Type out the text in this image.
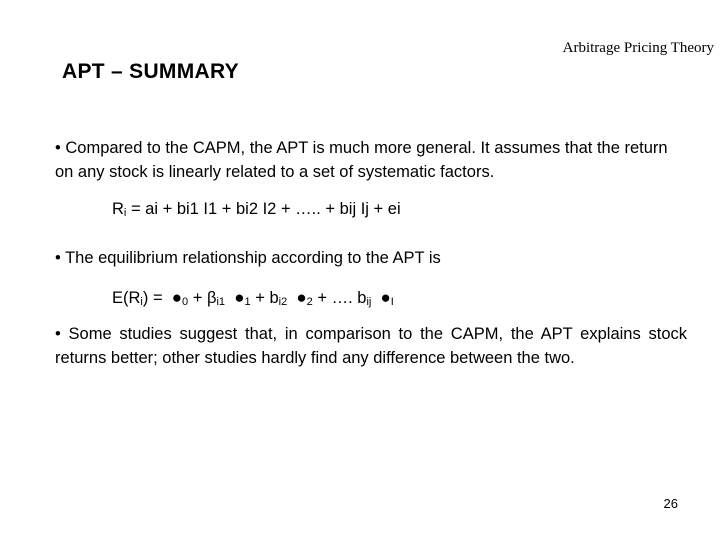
Arbitrage Pricing Theory
APT – SUMMARY
• Compared to the CAPM, the APT is much more general. It assumes that the return on any stock is linearly related to a set of systematic factors.
$R_i$ = ai + bi1 I1 + bi2 I2 + ….. + bij Ij + ei
• The equilibrium relationship according to the APT is
$E(R_i)$ = $●_0 + \beta_{i1}$ $●_1 + b_{i2}$ $●_2$ + …. $b_{ij}$ $●_I$
• Some studies suggest that, in comparison to the CAPM, the APT explains stock returns better; other studies hardly find any difference between the two.
26
